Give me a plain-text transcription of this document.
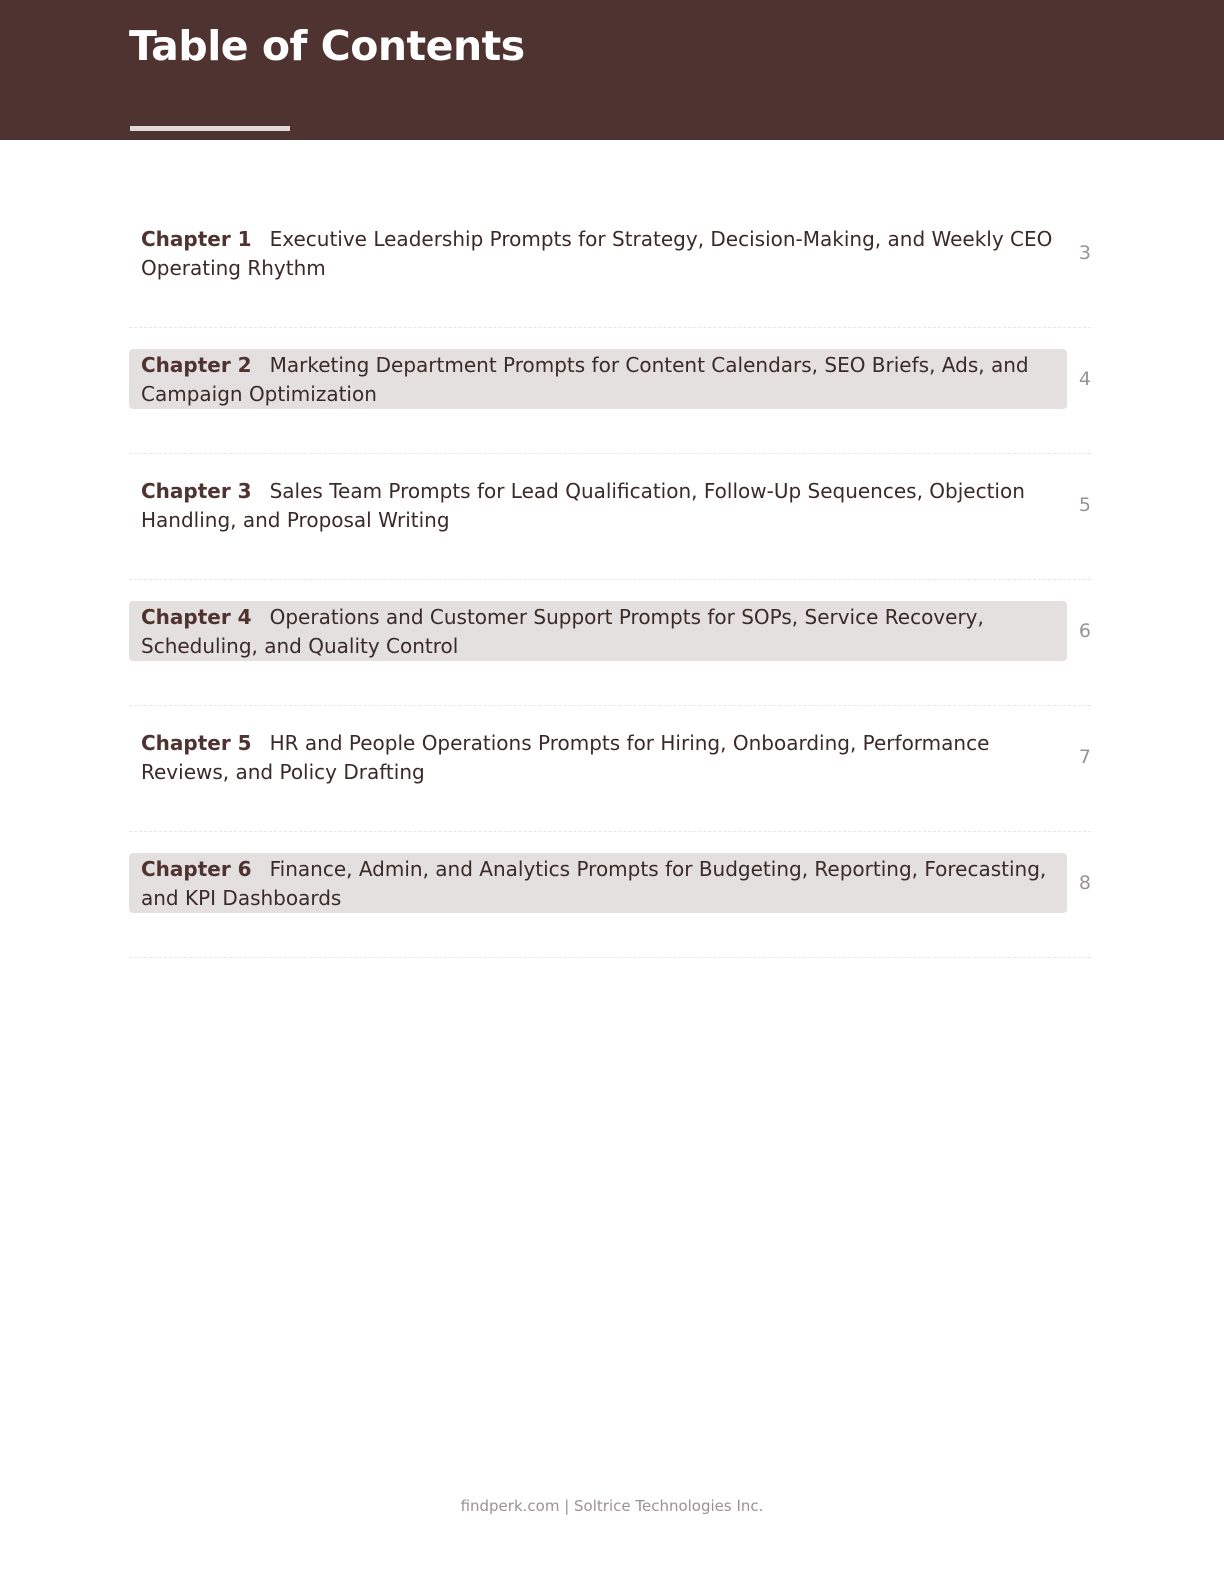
Table of Contents

Chapter 1 Executive Leadership Prompts for Strategy, Decision-Making, and Weekly CEO Operating Rhythm

3

Chapter 2 Marketing Department Prompts for Content Calendars, SEO Briefs, Ads, and Campaign Optimization

4

Chapter 3 Sales Team Prompts for Lead Qualification, Follow-Up Sequences, Objection Handling, and Proposal Writing

5

Chapter 4 Operations and Customer Support Prompts for SOPs, Service Recovery, Scheduling, and Quality Control

6

Chapter 5 HR and People Operations Prompts for Hiring, Onboarding, Performance Reviews, and Policy Drafting

7

Chapter 6 Finance, Admin, and Analytics Prompts for Budgeting, Reporting, Forecasting, and KPI Dashboards

8
findperk.com | Soltrice Technologies Inc.
